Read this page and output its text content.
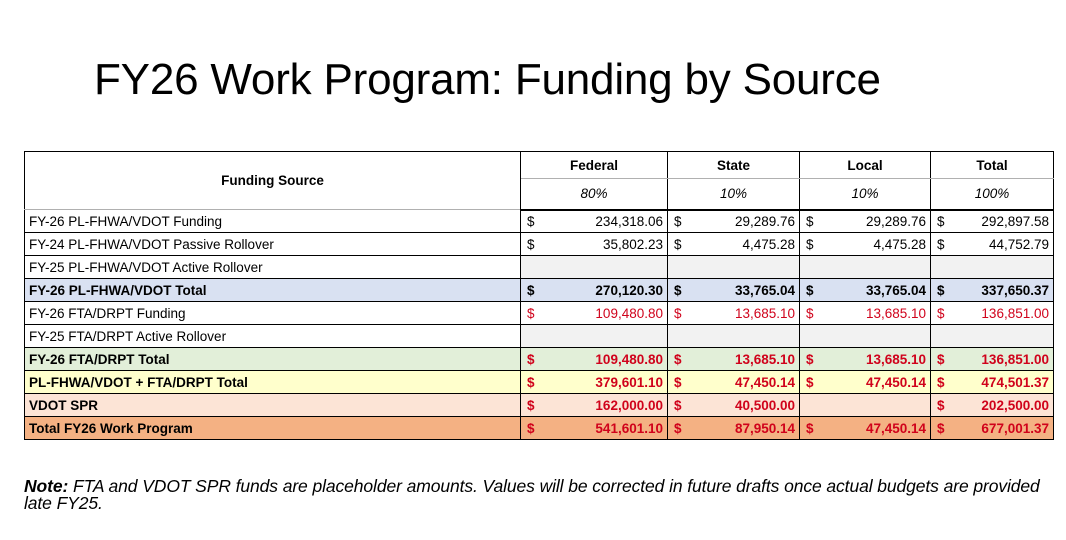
FY26 Work Program: Funding by Source
Funding Source	Federal	State	Local	Total
	80%	10%	10%	100%
FY-26 PL-FHWA/VDOT Funding	$ 234,318.06	$ 29,289.76	$ 29,289.76	$ 292,897.58

FY-24 PL-FHWA/VDOT Passive Rollover	$ 35,802.23	$ 4,475.28	$ 4,475.28	$ 44,752.79

FY-25 PL-FHWA/VDOT Active Rollover				
FY-26 PL-FHWA/VDOT Total	$ 270,120.30	$ 33,765.04	$ 33,765.04	$ 337,650.37

FY-26 FTA/DRPT Funding	$ 109,480.80	$ 13,685.10	$ 13,685.10	$ 136,851.00

FY-25 FTA/DRPT Active Rollover				
FY-26 FTA/DRPT Total	$ 109,480.80	$ 13,685.10	$ 13,685.10	$ 136,851.00

PL-FHWA/VDOT + FTA/DRPT Total	$ 379,601.10	$ 47,450.14	$ 47,450.14	$ 474,501.37

VDOT SPR	$ 162,000.00	$ 40,500.00		$ 202,500.00

Total FY26 Work Program	$ 541,601.10	$ 87,950.14	$ 47,450.14	$ 677,001.37
Note: FTA and VDOT SPR funds are placeholder amounts. Values will be corrected in future drafts once actual budgets are provided late FY25.
